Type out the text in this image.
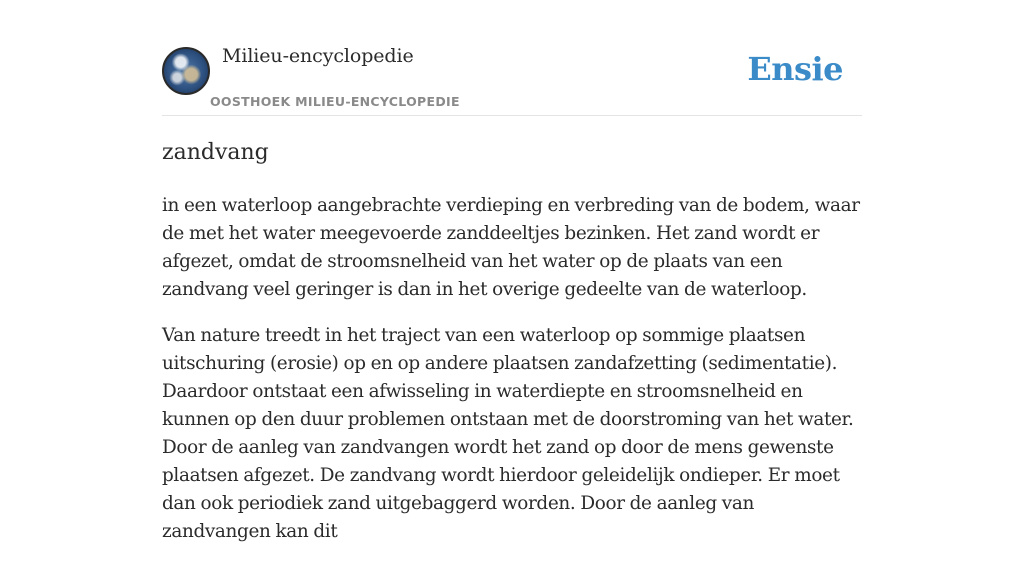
Milieu-encyclopedie
OOSTHOEK MILIEU-ENCYCLOPEDIE
Ensie
zandvang

in een waterloop aangebrachte verdieping en verbreding van de bodem, waar de met het water meegevoerde zanddeeltjes bezinken. Het zand wordt er afgezet, omdat de stroomsnelheid van het water op de plaats van een zandvang veel geringer is dan in het overige gedeelte van de waterloop.

Van nature treedt in het traject van een waterloop op sommige plaatsen uitschuring (erosie) op en op andere plaatsen zandafzetting (sedimentatie). Daardoor ontstaat een afwisseling in waterdiepte en stroomsnelheid en kunnen op den duur problemen ontstaan met de doorstroming van het water. Door de aanleg van zandvangen wordt het zand op door de mens gewenste plaatsen afgezet. De zandvang wordt hierdoor geleidelijk ondieper. Er moet dan ook periodiek zand uitgebaggerd worden. Door de aanleg van zandvangen kan dit
